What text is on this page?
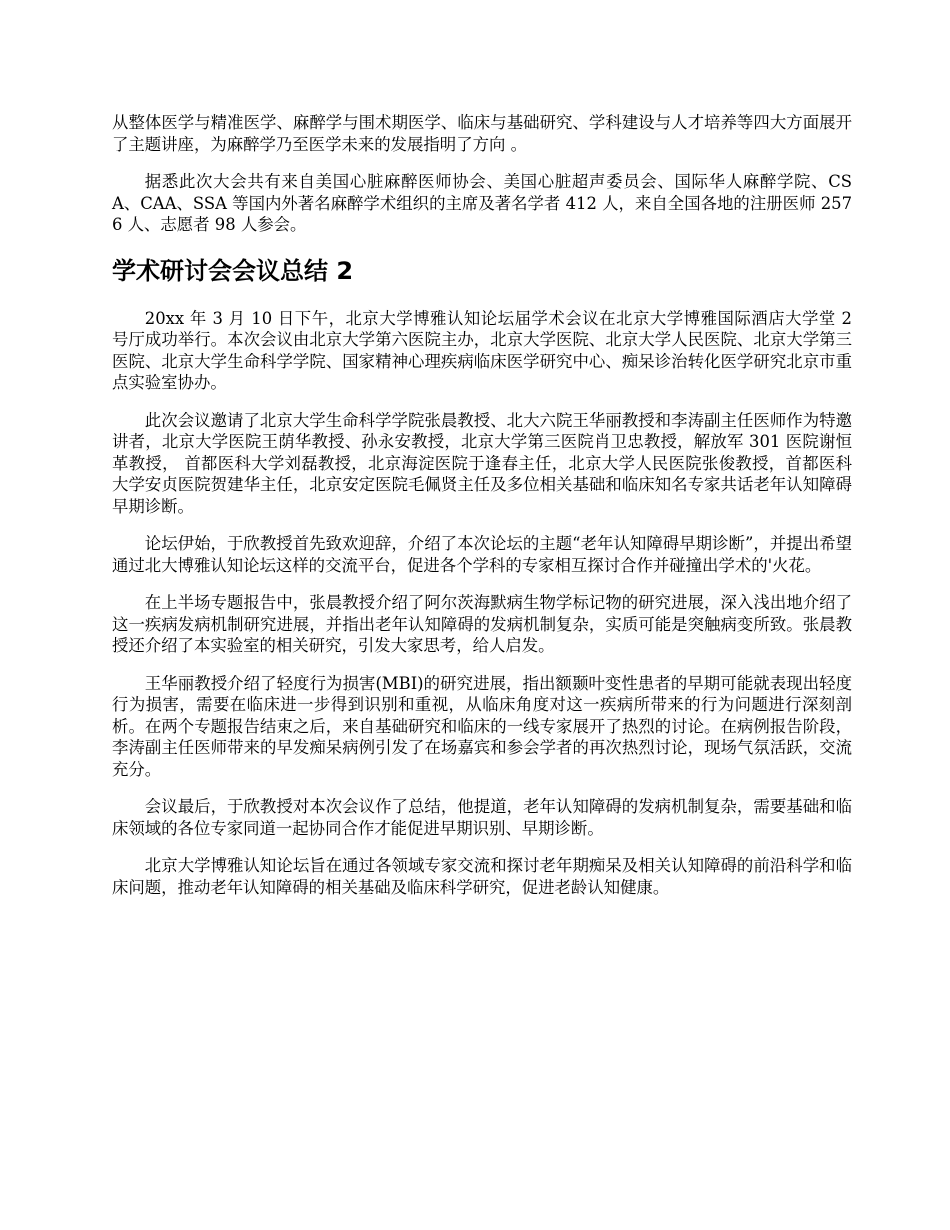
从整体医学与精准医学、麻醉学与围术期医学、临床与基础研究、学科建设与人才培养等四大方面展开了主题讲座，为麻醉学乃至医学未来的发展指明了方向 。

据悉此次大会共有来自美国心脏麻醉医师协会、美国心脏超声委员会、国际华人麻醉学院、CSA、CAA、SSA 等国内外著名麻醉学术组织的主席及著名学者 412 人，来自全国各地的注册医师 2576 人、志愿者 98 人参会。

学术研讨会会议总结 2

20xx 年 3 月 10 日下午，北京大学博雅认知论坛届学术会议在北京大学博雅国际酒店大学堂 2 号厅成功举行。本次会议由北京大学第六医院主办，北京大学医院、北京大学人民医院、北京大学第三医院、北京大学生命科学学院、国家精神心理疾病临床医学研究中心、痴呆诊治转化医学研究北京市重点实验室协办。

此次会议邀请了北京大学生命科学学院张晨教授、北大六院王华丽教授和李涛副主任医师作为特邀讲者，北京大学医院王荫华教授、孙永安教授，北京大学第三医院肖卫忠教授，解放军 301 医院谢恒革教授， 首都医科大学刘磊教授，北京海淀医院于逢春主任，北京大学人民医院张俊教授，首都医科大学安贞医院贺建华主任，北京安定医院毛佩贤主任及多位相关基础和临床知名专家共话老年认知障碍早期诊断。

论坛伊始，于欣教授首先致欢迎辞，介绍了本次论坛的主题“老年认知障碍早期诊断”，并提出希望通过北大博雅认知论坛这样的交流平台，促进各个学科的专家相互探讨合作并碰撞出学术的'火花。

在上半场专题报告中，张晨教授介绍了阿尔茨海默病生物学标记物的研究进展，深入浅出地介绍了这一疾病发病机制研究进展，并指出老年认知障碍的发病机制复杂，实质可能是突触病变所致。张晨教授还介绍了本实验室的相关研究，引发大家思考，给人启发。

王华丽教授介绍了轻度行为损害(MBI)的研究进展，指出额颞叶变性患者的早期可能就表现出轻度行为损害，需要在临床进一步得到识别和重视，从临床角度对这一疾病所带来的行为问题进行深刻剖析。在两个专题报告结束之后，来自基础研究和临床的一线专家展开了热烈的讨论。在病例报告阶段，李涛副主任医师带来的早发痴呆病例引发了在场嘉宾和参会学者的再次热烈讨论，现场气氛活跃，交流充分。

会议最后，于欣教授对本次会议作了总结，他提道，老年认知障碍的发病机制复杂，需要基础和临床领域的各位专家同道一起协同合作才能促进早期识别、早期诊断。

北京大学博雅认知论坛旨在通过各领域专家交流和探讨老年期痴呆及相关认知障碍的前沿科学和临床问题，推动老年认知障碍的相关基础及临床科学研究，促进老龄认知健康。
